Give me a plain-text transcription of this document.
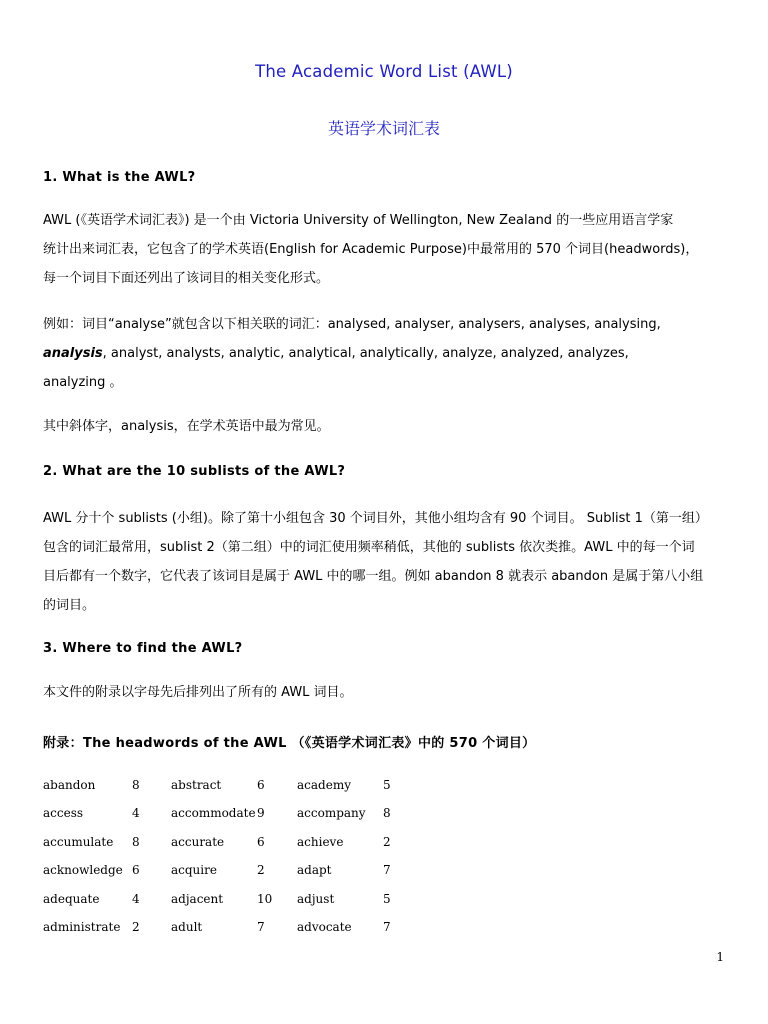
The Academic Word List (AWL)
英语学术词汇表
1. What is the AWL?

AWL (《英语学术词汇表》) 是一个由 Victoria University of Wellington, New Zealand 的一些应用语言学家

统计出来词汇表，它包含了的学术英语(English for Academic Purpose)中最常用的 570 个词目(headwords)，

每一个词目下面还列出了该词目的相关变化形式。

例如：词目“analyse”就包含以下相关联的词汇：analysed, analyser, analysers, analyses, analysing,

analysis, analyst, analysts, analytic, analytical, analytically, analyze, analyzed, analyzes,

analyzing 。

其中斜体字，analysis，在学术英语中最为常见。

2. What are the 10 sublists of the AWL?

AWL 分十个 sublists (小组)。除了第十小组包含 30 个词目外，其他小组均含有 90 个词目。 Sublist 1（第一组）

包含的词汇最常用，sublist 2（第二组）中的词汇使用频率稍低，其他的 sublists 依次类推。AWL 中的每一个词

目后都有一个数字，它代表了该词目是属于 AWL 中的哪一组。例如 abandon 8 就表示 abandon 是属于第八小组

的词目。

3. Where to find the AWL?

本文件的附录以字母先后排列出了所有的 AWL 词目。

附录：The headwords of the AWL （《英语学术词汇表》中的 570 个词目）
abandon	8	abstract	6	academy	5
access	4	accommodate 9	accompany 8
accumulate 8	accurate	6	achieve	2
acknowledge 6	acquire	2	adapt	7
adequate	4	adjacent	10 adjust	5
administrate 2	adult	7	advocate	7
1
